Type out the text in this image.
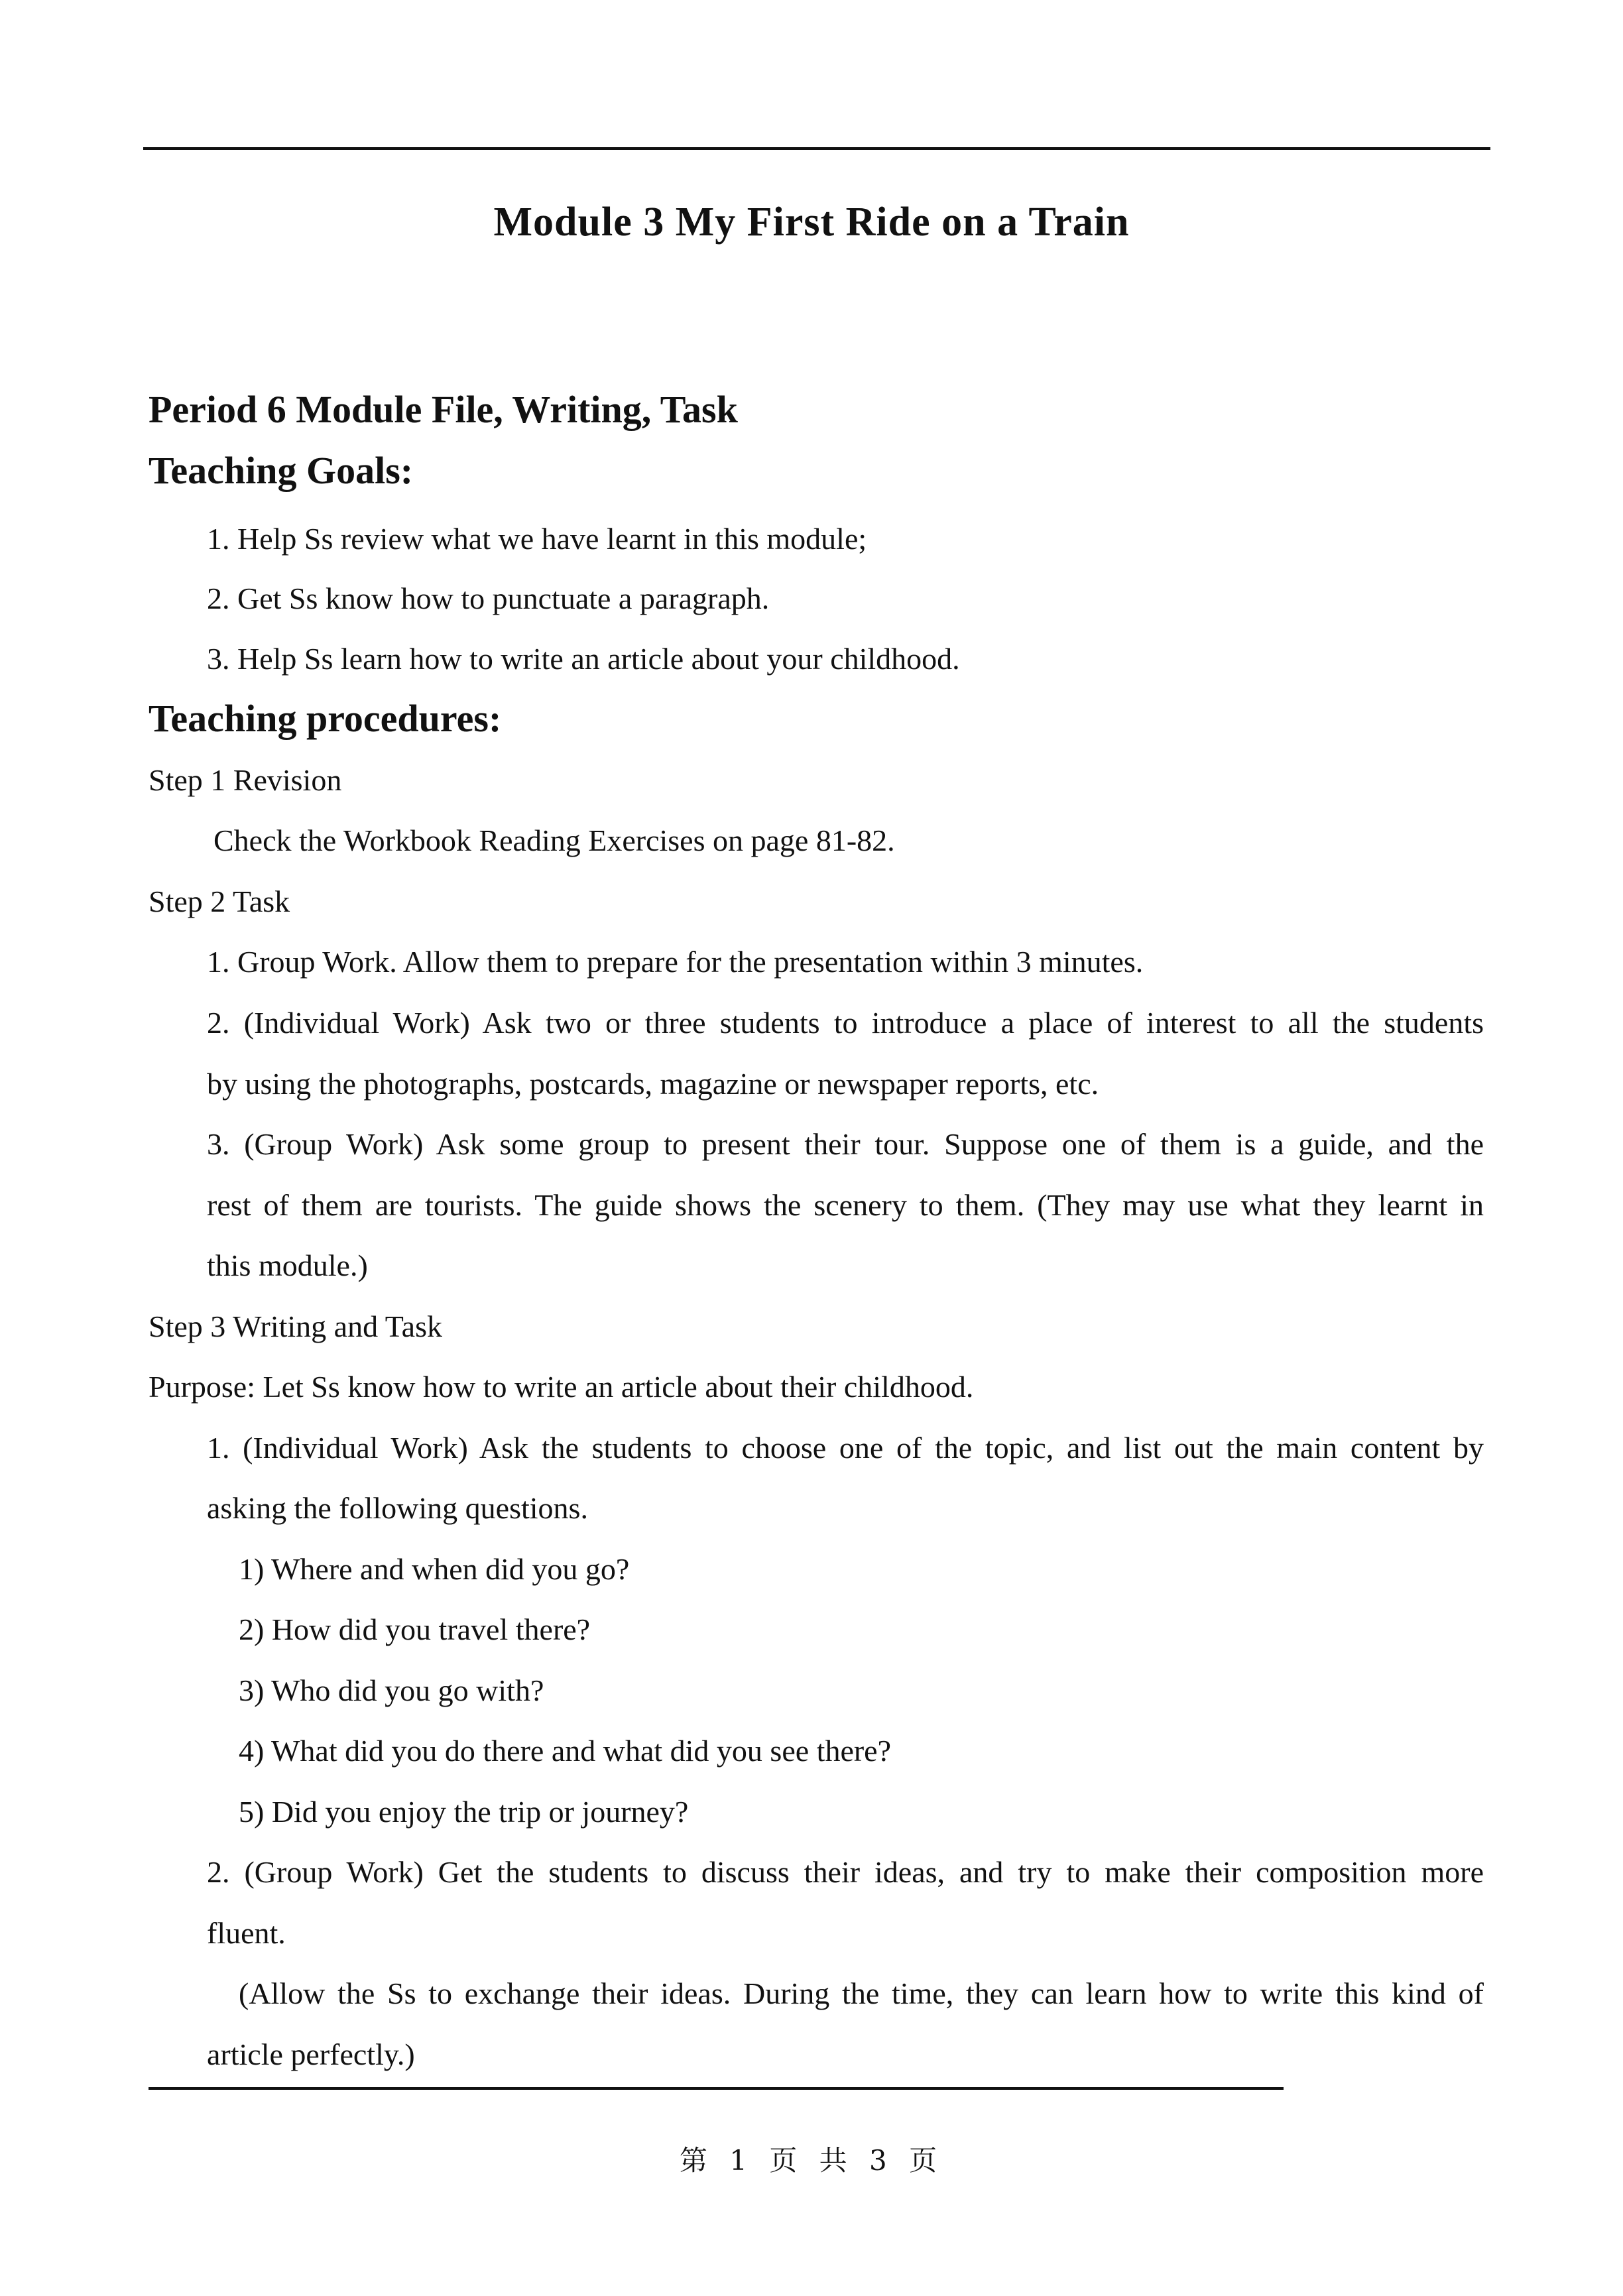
Module 3 My First Ride on a Train
Period 6 Module File, Writing, Task
Teaching Goals:
1. Help Ss review what we have learnt in this module;
2. Get Ss know how to punctuate a paragraph.
3. Help Ss learn how to write an article about your childhood.
Teaching procedures:
Step 1 Revision
Check the Workbook Reading Exercises on page 81-82.
Step 2 Task
1. Group Work. Allow them to prepare for the presentation within 3 minutes.
2. (Individual Work) Ask two or three students to introduce a place of interest to all the students
by using the photographs, postcards, magazine or newspaper reports, etc.
3. (Group Work) Ask some group to present their tour. Suppose one of them is a guide, and the
rest of them are tourists. The guide shows the scenery to them. (They may use what they learnt in
this module.)
Step 3 Writing and Task
Purpose: Let Ss know how to write an article about their childhood.
1. (Individual Work) Ask the students to choose one of the topic, and list out the main content by
asking the following questions.
1) Where and when did you go?
2) How did you travel there?
3) Who did you go with?
4) What did you do there and what did you see there?
5) Did you enjoy the trip or journey?
2. (Group Work) Get the students to discuss their ideas, and try to make their composition more
fluent.
(Allow the Ss to exchange their ideas. During the time, they can learn how to write this kind of
article perfectly.)
第 1 页 共 3 页
